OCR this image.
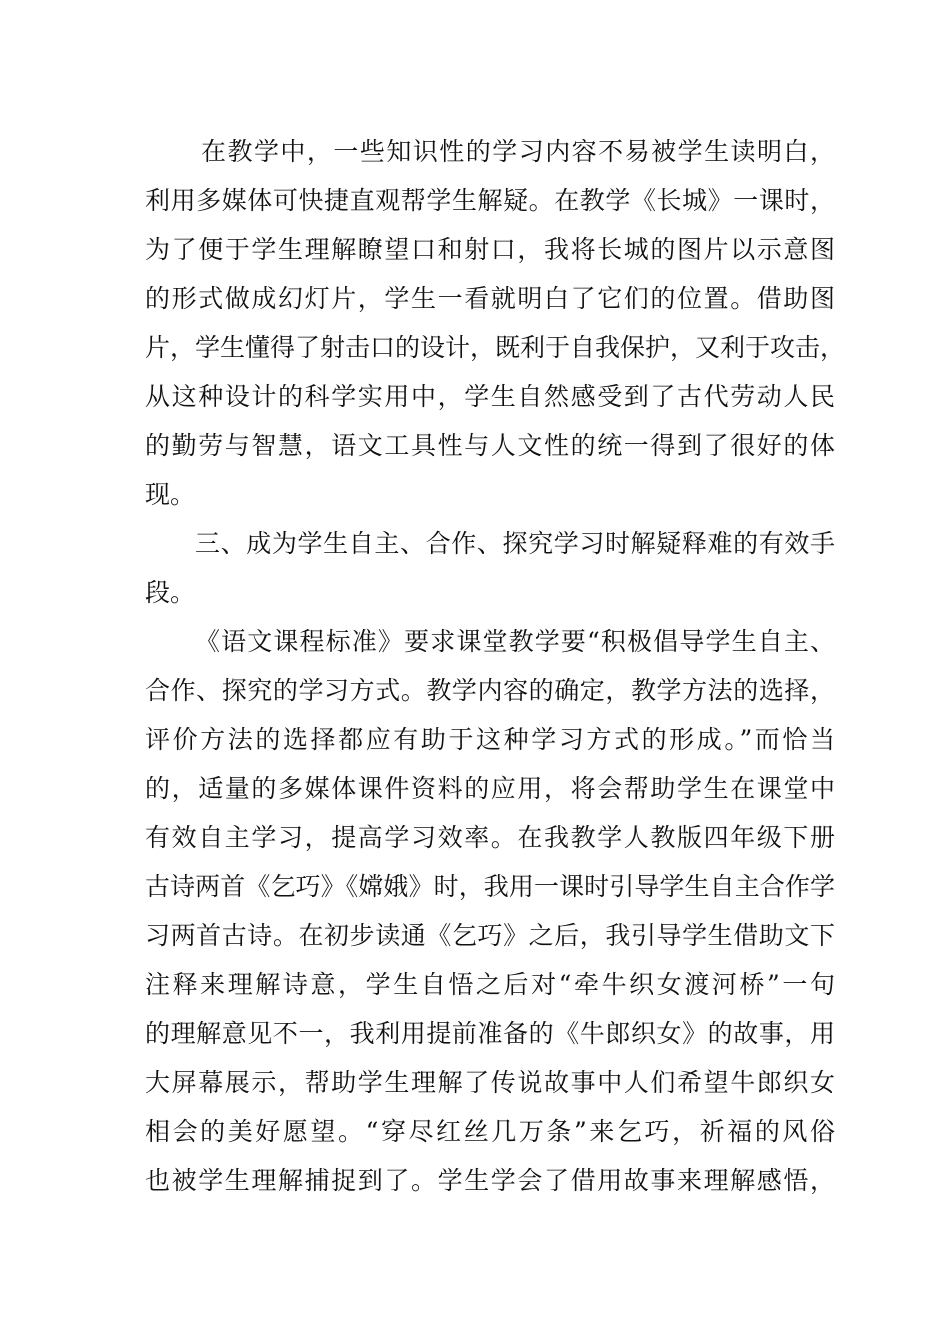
在教学中，一些知识性的学习内容不易被学生读明白，
利用多媒体可快捷直观帮学生解疑。在教学《长城》一课时，
为了便于学生理解瞭望口和射口，我将长城的图片以示意图
的形式做成幻灯片，学生一看就明白了它们的位置。借助图
片，学生懂得了射击口的设计，既利于自我保护，又利于攻击，
从这种设计的科学实用中，学生自然感受到了古代劳动人民
的勤劳与智慧，语文工具性与人文性的统一得到了很好的体
现。
三、成为学生自主、合作、探究学习时解疑释难的有效手
段。
《语文课程标准》要求课堂教学要“积极倡导学生自主、
合作、探究的学习方式。教学内容的确定，教学方法的选择，
评价方法的选择都应有助于这种学习方式的形成。”而恰当
的，适量的多媒体课件资料的应用，将会帮助学生在课堂中
有效自主学习，提高学习效率。在我教学人教版四年级下册
古诗两首《乞巧》《嫦娥》时，我用一课时引导学生自主合作学
习两首古诗。在初步读通《乞巧》之后，我引导学生借助文下
注释来理解诗意，学生自悟之后对“牵牛织女渡河桥”一句
的理解意见不一，我利用提前准备的《牛郎织女》的故事，用
大屏幕展示，帮助学生理解了传说故事中人们希望牛郎织女
相会的美好愿望。“穿尽红丝几万条”来乞巧，祈福的风俗
也被学生理解捕捉到了。学生学会了借用故事来理解感悟，
